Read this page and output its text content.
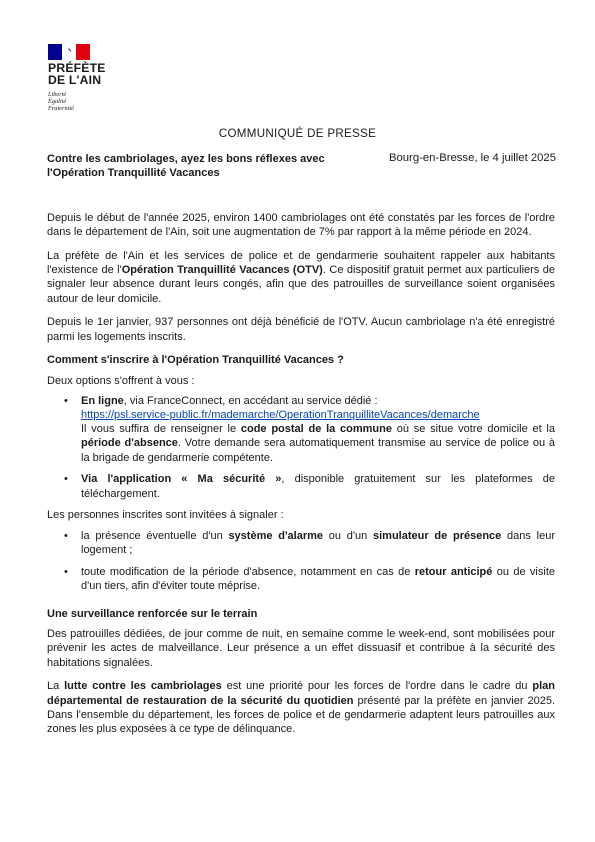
PRÉFÈTE
DE L'AIN
Liberté
Égalité
Fraternité
COMMUNIQUÉ DE PRESSE
Contre les cambriolages, ayez les bons réflexes avec l'Opération Tranquillité Vacances
Bourg-en-Bresse, le 4 juillet 2025

Depuis le début de l'année 2025, environ 1400 cambriolages ont été constatés par les forces de l'ordre dans le département de l'Ain, soit une augmentation de 7% par rapport à la même période en 2024.

La préfète de l'Ain et les services de police et de gendarmerie souhaitent rappeler aux habitants l'existence de l'Opération Tranquillité Vacances (OTV). Ce dispositif gratuit permet aux particuliers de signaler leur absence durant leurs congés, afin que des patrouilles de surveillance soient organisées autour de leur domicile.

Depuis le 1er janvier, 937 personnes ont déjà bénéficié de l'OTV. Aucun cambriolage n'a été enregistré parmi les logements inscrits.

Comment s'inscrire à l'Opération Tranquillité Vacances ?
Deux options s'offrent à vous :
• En ligne, via FranceConnect, en accédant au service dédié :
https://psl.service-public.fr/mademarche/OperationTranquilliteVacances/demarche
Il vous suffira de renseigner le code postal de la commune où se situe votre domicile et la période d'absence. Votre demande sera automatiquement transmise au service de police ou à la brigade de gendarmerie compétente.
• Via l'application « Ma sécurité », disponible gratuitement sur les plateformes de téléchargement.
Les personnes inscrites sont invitées à signaler :
• la présence éventuelle d'un système d'alarme ou d'un simulateur de présence dans leur logement ;
• toute modification de la période d'absence, notamment en cas de retour anticipé ou de visite d'un tiers, afin d'éviter toute méprise.
Une surveillance renforcée sur le terrain

Des patrouilles dédiées, de jour comme de nuit, en semaine comme le week-end, sont mobilisées pour prévenir les actes de malveillance. Leur présence a un effet dissuasif et contribue à la sécurité des habitations signalées.

La lutte contre les cambriolages est une priorité pour les forces de l'ordre dans le cadre du plan départemental de restauration de la sécurité du quotidien présenté par la préfète en janvier 2025. Dans l'ensemble du département, les forces de police et de gendarmerie adaptent leurs patrouilles aux zones les plus exposées à ce type de délinquance.
